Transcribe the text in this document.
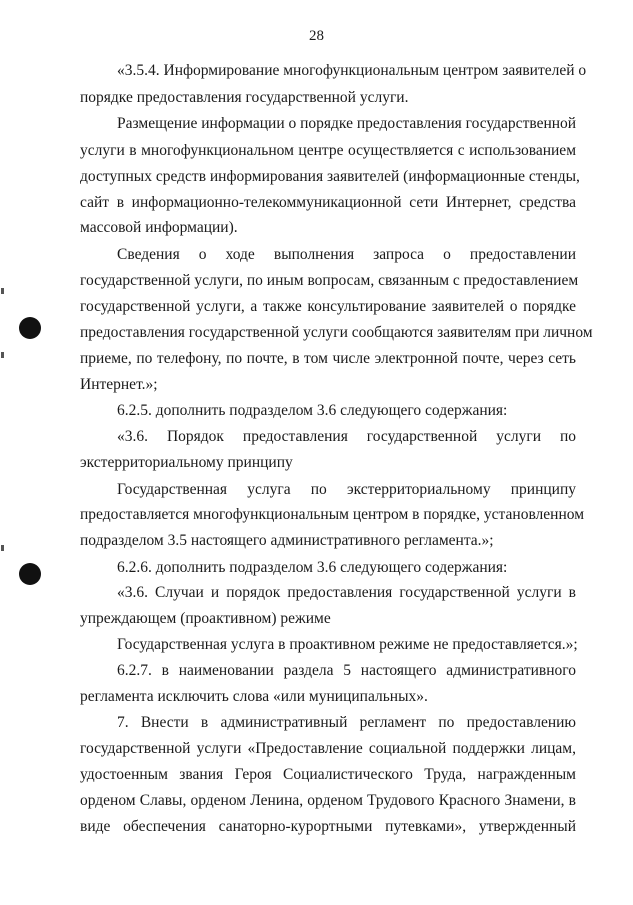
28
«3.5.4. Информирование многофункциональным центром заявителей о
порядке предоставления государственной услуги.
Размещение информации о порядке предоставления государственной
услуги в многофункциональном центре осуществляется с использованием
доступных средств информирования заявителей (информационные стенды,
сайт в информационно-телекоммуникационной сети Интернет, средства
массовой информации).
Сведения о ходе выполнения запроса о предоставлении
государственной услуги, по иным вопросам, связанным с предоставлением
государственной услуги, а также консультирование заявителей о порядке
предоставления государственной услуги сообщаются заявителям при личном
приеме, по телефону, по почте, в том числе электронной почте, через сеть
Интернет.»;
6.2.5. дополнить подразделом 3.6 следующего содержания:
«3.6. Порядок предоставления государственной услуги по
экстерриториальному принципу
Государственная услуга по экстерриториальному принципу
предоставляется многофункциональным центром в порядке, установленном
подразделом 3.5 настоящего административного регламента.»;
6.2.6. дополнить подразделом 3.6 следующего содержания:
«3.6. Случаи и порядок предоставления государственной услуги в
упреждающем (проактивном) режиме
Государственная услуга в проактивном режиме не предоставляется.»;
6.2.7. в наименовании раздела 5 настоящего административного
регламента исключить слова «или муниципальных».
7. Внести в административный регламент по предоставлению
государственной услуги «Предоставление социальной поддержки лицам,
удостоенным звания Героя Социалистического Труда, награжденным
орденом Славы, орденом Ленина, орденом Трудового Красного Знамени, в
виде обеспечения санаторно-курортными путевками», утвержденный
